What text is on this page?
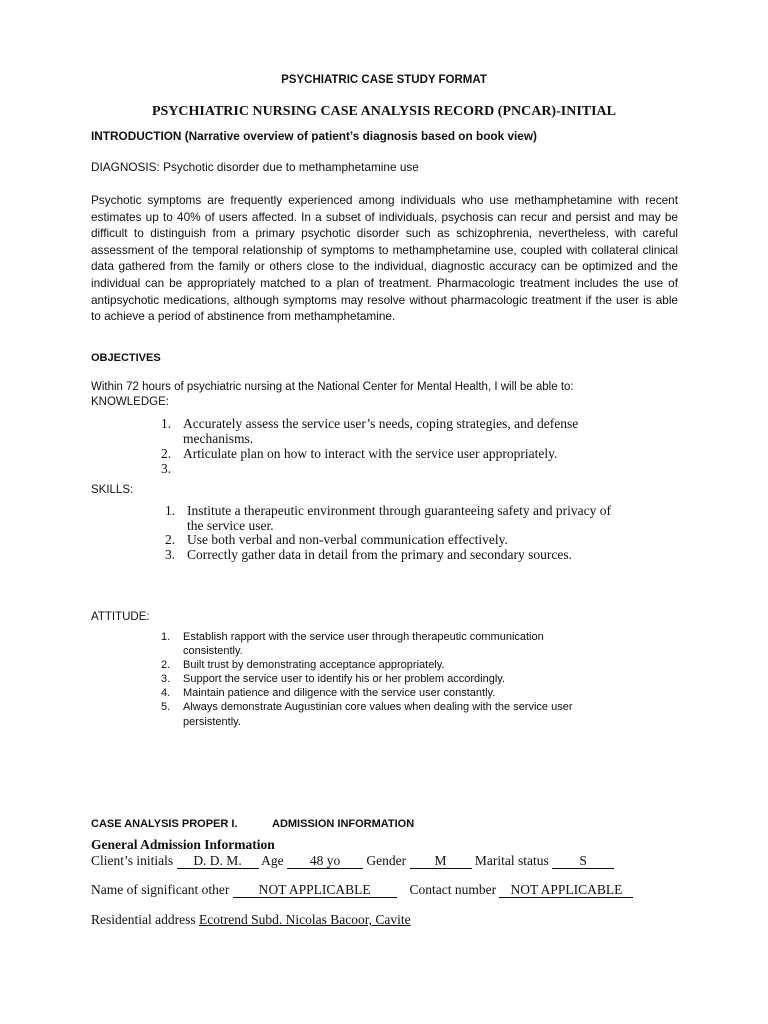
PSYCHIATRIC CASE STUDY FORMAT
PSYCHIATRIC NURSING CASE ANALYSIS RECORD (PNCAR)-INITIAL
INTRODUCTION (Narrative overview of patient’s diagnosis based on book view)
DIAGNOSIS: Psychotic disorder due to methamphetamine use
Psychotic symptoms are frequently experienced among individuals who use methamphetamine with recent estimates up to 40% of users affected. In a subset of individuals, psychosis can recur and persist and may be difficult to distinguish from a primary psychotic disorder such as schizophrenia, nevertheless, with careful assessment of the temporal relationship of symptoms to methamphetamine use, coupled with collateral clinical data gathered from the family or others close to the individual, diagnostic accuracy can be optimized and the individual can be appropriately matched to a plan of treatment. Pharmacologic treatment includes the use of antipsychotic medications, although symptoms may resolve without pharmacologic treatment if the user is able to achieve a period of abstinence from methamphetamine.
OBJECTIVES
Within 72 hours of psychiatric nursing at the National Center for Mental Health, I will be able to:
KNOWLEDGE:
1. Accurately assess the service user’s needs, coping strategies, and defense
mechanisms.
2. Articulate plan on how to interact with the service user appropriately.
3.
SKILLS:
1. Institute a therapeutic environment through guaranteeing safety and privacy of
the service user.
2. Use both verbal and non-verbal communication effectively.
3. Correctly gather data in detail from the primary and secondary sources.
ATTITUDE:
1. Establish rapport with the service user through therapeutic communication
consistently.
2. Built trust by demonstrating acceptance appropriately.
3. Support the service user to identify his or her problem accordingly.
4. Maintain patience and diligence with the service user constantly.
5. Always demonstrate Augustinian core values when dealing with the service user
persistently.
CASE ANALYSIS PROPER I.	ADMISSION INFORMATION
General Admission Information
Client’s initials D. D. M. Age 48 yo Gender M Marital status S
Name of significant other NOT APPLICABLE	Contact number NOT APPLICABLE
Residential address Ecotrend Subd. Nicolas Bacoor, Cavite
